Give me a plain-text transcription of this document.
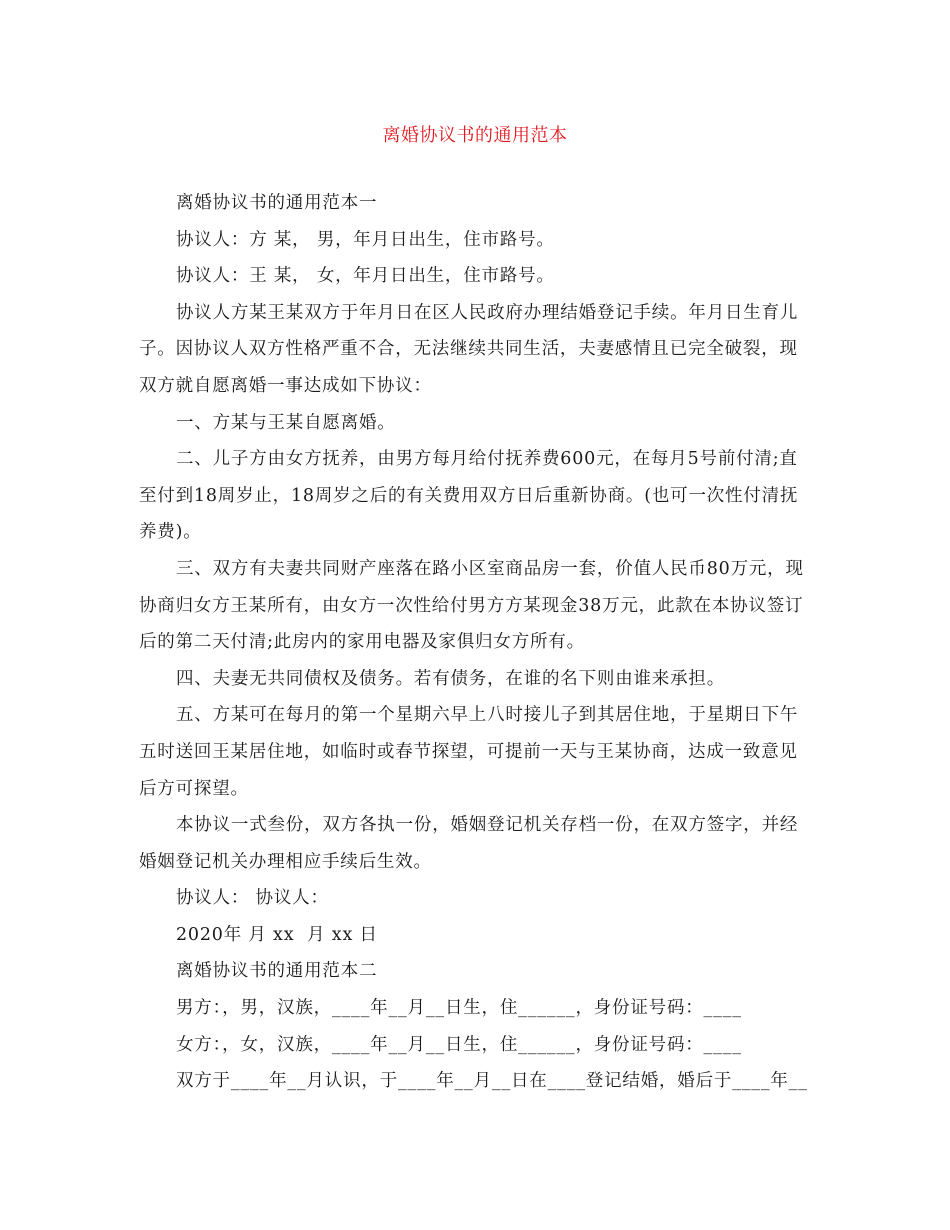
离婚协议书的通用范本

离婚协议书的通用范本一

协议人：方 某， 男，年月日出生，住市路号。

协议人：王 某， 女，年月日出生，住市路号。

协议人方某王某双方于年月日在区人民政府办理结婚登记手续。年月日生育儿子。因协议人双方性格严重不合，无法继续共同生活，夫妻感情且已完全破裂，现双方就自愿离婚一事达成如下协议：

一、方某与王某自愿离婚。

二、儿子方由女方抚养，由男方每月给付抚养费600元，在每月5号前付清;直至付到18周岁止，18周岁之后的有关费用双方日后重新协商。(也可一次性付清抚养费)。

三、双方有夫妻共同财产座落在路小区室商品房一套，价值人民币80万元，现协商归女方王某所有，由女方一次性给付男方方某现金38万元，此款在本协议签订后的第二天付清;此房内的家用电器及家俱归女方所有。

四、夫妻无共同债权及债务。若有债务，在谁的名下则由谁来承担。

五、方某可在每月的第一个星期六早上八时接儿子到其居住地，于星期日下午五时送回王某居住地，如临时或春节探望，可提前一天与王某协商，达成一致意见后方可探望。

本协议一式叁份，双方各执一份，婚姻登记机关存档一份，在双方签字，并经婚姻登记机关办理相应手续后生效。

协议人： 协议人：

2020年 月 xx  月 xx 日

离婚协议书的通用范本二

男方：，男，汉族，____年__月__日生，住______，身份证号码：____

女方：，女，汉族，____年__月__日生，住______，身份证号码：____

双方于____年__月认识，于____年__月__日在____登记结婚，婚后于____年__
